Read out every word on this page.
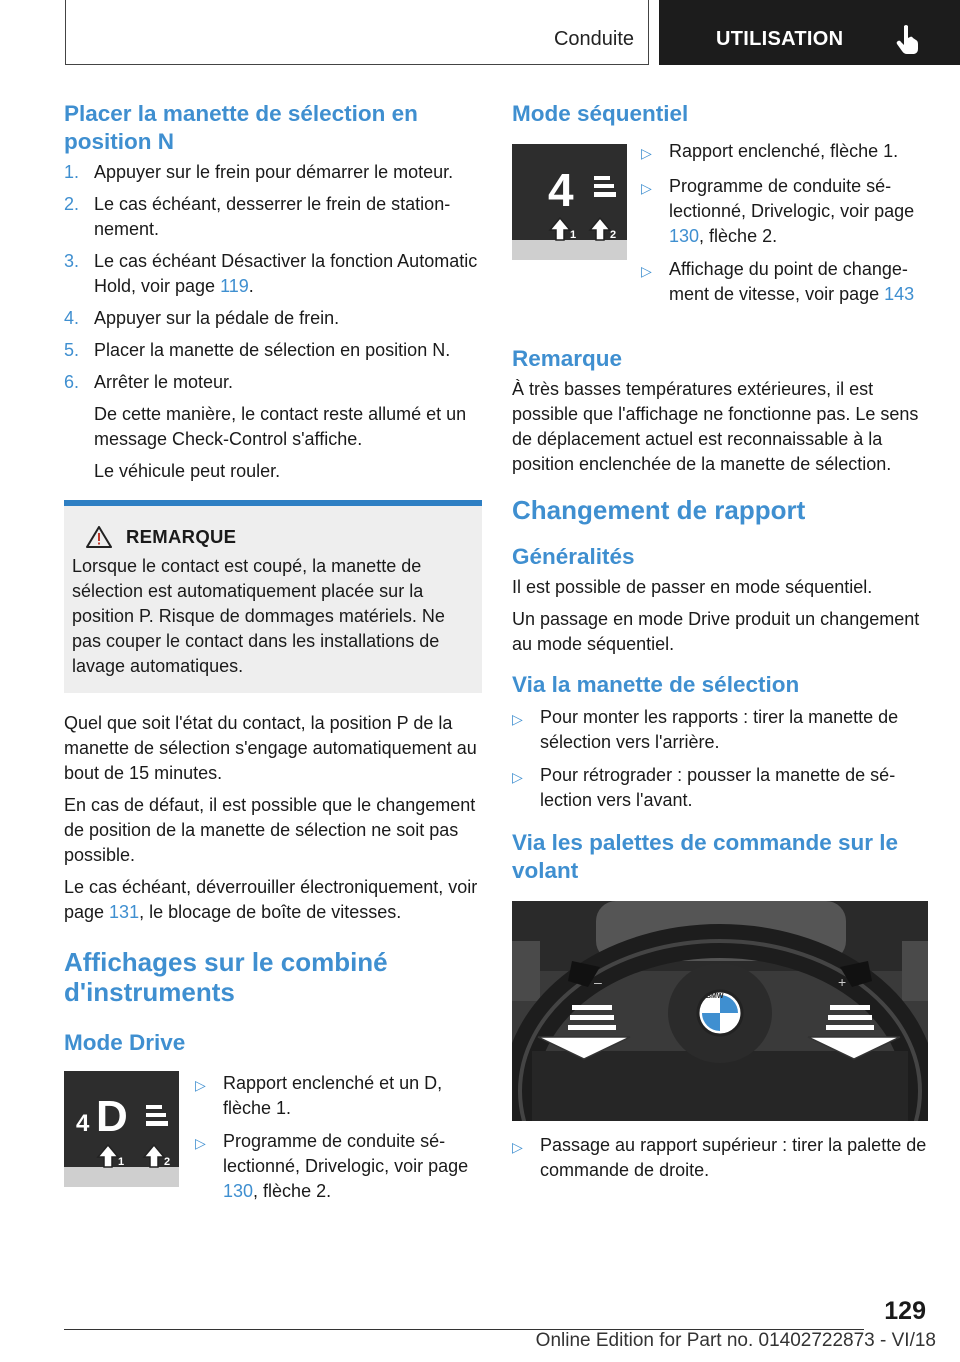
Conduite	UTILISATION
Placer la manette de sélection en position N
1. Appuyer sur le frein pour démarrer le moteur.
2. Le cas échéant, desserrer le frein de stationnement.
3. Le cas échéant Désactiver la fonction Automatic Hold, voir page 119.
4. Appuyer sur la pédale de frein.
5. Placer la manette de sélection en position N.
6. Arrêter le moteur.
De cette manière, le contact reste allumé et un message Check-Control s'affiche.
Le véhicule peut rouler.
REMARQUE

Lorsque le contact est coupé, la manette de sélection est automatiquement placée sur la position P. Risque de dommages matériels. Ne pas couper le contact dans les installations de lavage automatiques.

Quel que soit l'état du contact, la position P de la manette de sélection s'engage automatiquement au bout de 15 minutes.

En cas de défaut, il est possible que le changement de position de la manette de sélection ne soit pas possible.

Le cas échéant, déverrouiller électroniquement, voir page 131, le blocage de boîte de vitesses.

Affichages sur le combiné d'instruments
Mode Drive
4 D
1	2
▷ Rapport enclenché et un D, flèche 1.
▷ Programme de conduite sélectionné, Drivelogic, voir page 130, flèche 2.
Mode séquentiel
4
1	2
▷ Rapport enclenché, flèche 1.
▷ Programme de conduite sélectionné, Drivelogic, voir page 130, flèche 2.
▷ Affichage du point de changement de vitesse, voir page 143
Remarque

À très basses températures extérieures, il est possible que l'affichage ne fonctionne pas. Le sens de déplacement actuel est reconnaissable à la position enclenchée de la manette de sélection.

Changement de rapport
Généralités

Il est possible de passer en mode séquentiel.

Un passage en mode Drive produit un changement au mode séquentiel.

Via la manette de sélection
▷ Pour monter les rapports : tirer la manette de sélection vers l'arrière.
▷ Pour rétrograder : pousser la manette de sélection vers l'avant.
Via les palettes de commande sur le volant
–	+
BMW
▷ Passage au rapport supérieur : tirer la palette de commande de droite.
129
Online Edition for Part no. 01402722873 - VI/18
